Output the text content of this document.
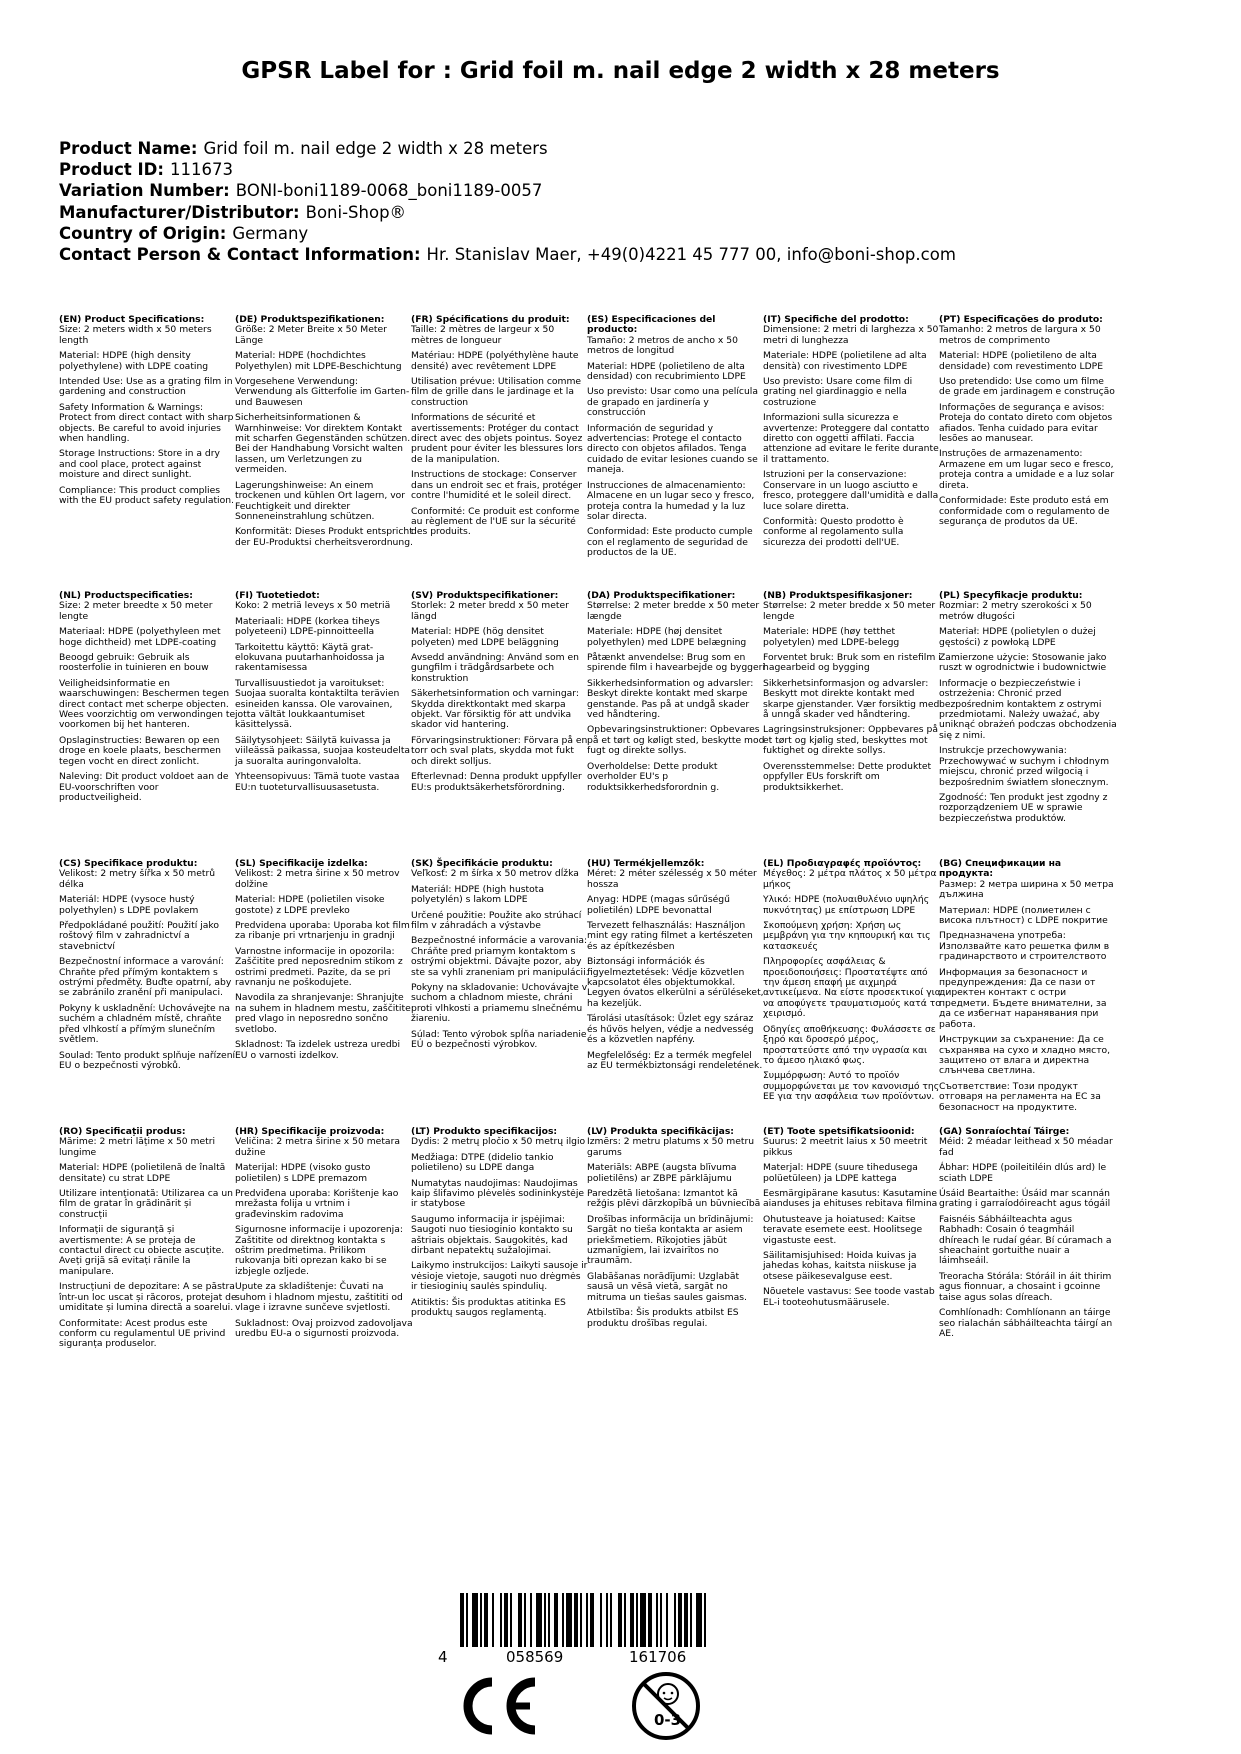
GPSR Label for : Grid foil m. nail edge 2 width x 28 meters
Product Name: Grid foil m. nail edge 2 width x 28 meters
Product ID: 111673
Variation Number: BONI-boni1189-0068_boni1189-0057
Manufacturer/Distributor: Boni-Shop®
Country of Origin: Germany
Contact Person & Contact Information: Hr. Stanislav Maer, +49(0)4221 45 777 00, info@boni-shop.com
(EN) Product Specifications:

Size: 2 meters width x 50 meters length

Material: HDPE (high density polyethylene) with LDPE coating

Intended Use: Use as a grating film in gardening and construction

Safety Information & Warnings: Protect from direct contact with sharp objects. Be careful to avoid injuries when handling.

Storage Instructions: Store in a dry and cool place, protect against moisture and direct sunlight.

Compliance: This product complies with the EU product safety regulation.

(DE) Produktspezifikationen:

Größe: 2 Meter Breite x 50 Meter Länge

Material: HDPE (hochdichtes Polyethylen) mit LDPE-Beschichtung

Vorgesehene Verwendung: Verwendung als Gitterfolie im Garten- und Bauwesen

Sicherheitsinformationen & Warnhinweise: Vor direktem Kontakt mit scharfen Gegenständen schützen. Bei der Handhabung Vorsicht walten lassen, um Verletzungen zu vermeiden.

Lagerungshinweise: An einem trockenen und kühlen Ort lagern, vor Feuchtigkeit und direkter Sonneneinstrahlung schützen.

Konformität: Dieses Produkt entspricht der EU-Produktsi cherheitsverordnung.

(FR) Spécifications du produit:

Taille: 2 mètres de largeur x 50 mètres de longueur

Matériau: HDPE (polyéthylène haute densité) avec revêtement LDPE

Utilisation prévue: Utilisation comme film de grille dans le jardinage et la construction

Informations de sécurité et avertissements: Protéger du contact direct avec des objets pointus. Soyez prudent pour éviter les blessures lors de la manipulation.

Instructions de stockage: Conserver dans un endroit sec et frais, protéger contre l'humidité et le soleil direct.

Conformité: Ce produit est conforme au règlement de l'UE sur la sécurité des produits.

(ES) Especificaciones del producto:

Tamaño: 2 metros de ancho x 50 metros de longitud

Material: HDPE (polietileno de alta densidad) con recubrimiento LDPE

Uso previsto: Usar como una película de grapado en jardinería y construcción

Información de seguridad y advertencias: Protege el contacto directo con objetos afilados. Tenga cuidado de evitar lesiones cuando se maneja.

Instrucciones de almacenamiento: Almacene en un lugar seco y fresco, proteja contra la humedad y la luz solar directa.

Conformidad: Este producto cumple con el reglamento de seguridad de productos de la UE.

(IT) Specifiche del prodotto:

Dimensione: 2 metri di larghezza x 50 metri di lunghezza

Materiale: HDPE (polietilene ad alta densità) con rivestimento LDPE

Uso previsto: Usare come film di grating nel giardinaggio e nella costruzione

Informazioni sulla sicurezza e avvertenze: Proteggere dal contatto diretto con oggetti affilati. Faccia attenzione ad evitare le ferite durante il trattamento.

Istruzioni per la conservazione: Conservare in un luogo asciutto e fresco, proteggere dall'umidità e dalla luce solare diretta.

Conformità: Questo prodotto è conforme al regolamento sulla sicurezza dei prodotti dell'UE.

(PT) Especificações do produto:

Tamanho: 2 metros de largura x 50 metros de comprimento

Material: HDPE (polietileno de alta densidade) com revestimento LDPE

Uso pretendido: Use como um filme de grade em jardinagem e construção

Informações de segurança e avisos: Proteja do contato direto com objetos afiados. Tenha cuidado para evitar lesões ao manusear.

Instruções de armazenamento: Armazene em um lugar seco e fresco, proteja contra a umidade e a luz solar direta.

Conformidade: Este produto está em conformidade com o regulamento de segurança de produtos da UE.

(NL) Productspecificaties:

Size: 2 meter breedte x 50 meter lengte

Materiaal: HDPE (polyethyleen met hoge dichtheid) met LDPE-coating

Beoogd gebruik: Gebruik als roosterfolie in tuinieren en bouw

Veiligheidsinformatie en waarschuwingen: Beschermen tegen direct contact met scherpe objecten. Wees voorzichtig om verwondingen te voorkomen bij het hanteren.

Opslaginstructies: Bewaren op een droge en koele plaats, beschermen tegen vocht en direct zonlicht.

Naleving: Dit product voldoet aan de EU-voorschriften voor productveiligheid.

(FI) Tuotetiedot:

Koko: 2 metriä leveys x 50 metriä

Materiaali: HDPE (korkea tiheys polyeteeni) LDPE-pinnoitteella

Tarkoitettu käyttö: Käytä grat-elokuvana puutarhanhoidossa ja rakentamisessa

Turvallisuustiedot ja varoitukset: Suojaa suoralta kontaktilta terävien esineiden kanssa. Ole varovainen, jotta vältät loukkaantumiset käsittelyssä.

Säilytysohjeet: Säilytä kuivassa ja viileässä paikassa, suojaa kosteudelta ja suoralta auringonvalolta.

Yhteensopivuus: Tämä tuote vastaa EU:n tuoteturvallisuusasetusta.

(SV) Produktspecifikationer:

Storlek: 2 meter bredd x 50 meter längd

Material: HDPE (hög densitet polyeten) med LDPE beläggning

Avsedd användning: Använd som en gungfilm i trädgårdsarbete och konstruktion

Säkerhetsinformation och varningar: Skydda direktkontakt med skarpa objekt. Var försiktig för att undvika skador vid hantering.

Förvaringsinstruktioner: Förvara på en torr och sval plats, skydda mot fukt och direkt solljus.

Efterlevnad: Denna produkt uppfyller EU:s produktsäkerhetsförordning.

(DA) Produktspecifikationer:

Størrelse: 2 meter bredde x 50 meter længde

Materiale: HDPE (høj densitet polyethylen) med LDPE belægning

Påtænkt anvendelse: Brug som en spirende film i havearbejde og byggeri

Sikkerhedsinformation og advarsler: Beskyt direkte kontakt med skarpe genstande. Pas på at undgå skader ved håndtering.

Opbevaringsinstruktioner: Opbevares på et tørt og køligt sted, beskytte mod fugt og direkte sollys.

Overholdelse: Dette produkt overholder EU's p roduktsikkerhedsforordnin g.

(NB) Produktspesifikasjoner:

Størrelse: 2 meter bredde x 50 meter lengde

Materiale: HDPE (høy tetthet polyetylen) med LDPE-belegg

Forventet bruk: Bruk som en ristefilm i hagearbeid og bygging

Sikkerhetsinformasjon og advarsler: Beskytt mot direkte kontakt med skarpe gjenstander. Vær forsiktig med å unngå skader ved håndtering.

Lagringsinstruksjoner: Oppbevares på et tørt og kjølig sted, beskyttes mot fuktighet og direkte sollys.

Overensstemmelse: Dette produktet oppfyller EUs forskrift om produktsikkerhet.

(PL) Specyfikacje produktu:

Rozmiar: 2 metry szerokości x 50 metrów długości

Materiał: HDPE (polietylen o dużej gęstości) z powłoką LDPE

Zamierzone użycie: Stosowanie jako ruszt w ogrodnictwie i budownictwie

Informacje o bezpieczeństwie i ostrzeżenia: Chronić przed bezpośrednim kontaktem z ostrymi przedmiotami. Należy uważać, aby uniknąć obrażeń podczas obchodzenia się z nimi.

Instrukcje przechowywania: Przechowywać w suchym i chłodnym miejscu, chronić przed wilgocią i bezpośrednim światłem słonecznym.

Zgodność: Ten produkt jest zgodny z rozporządzeniem UE w sprawie bezpieczeństwa produktów.

(CS) Specifikace produktu:

Velikost: 2 metry šířka x 50 metrů délka

Materiál: HDPE (vysoce hustý polyethylen) s LDPE povlakem

Předpokládané použití: Použití jako roštový film v zahradnictví a stavebnictví

Bezpečnostní informace a varování: Chraňte před přímým kontaktem s ostrými předměty. Buďte opatrní, aby se zabránilo zranění při manipulaci.

Pokyny k uskladnění: Uchovávejte na suchém a chladném místě, chraňte před vlhkostí a přímým slunečním světlem.

Soulad: Tento produkt splňuje nařízení EU o bezpečnosti výrobků.

(SL) Specifikacije izdelka:

Velikost: 2 metra širine x 50 metrov dolžine

Material: HDPE (polietilen visoke gostote) z LDPE prevleko

Predvidena uporaba: Uporaba kot film za ribanje pri vrtnarjenju in gradnji

Varnostne informacije in opozorila: Zaščitite pred neposrednim stikom z ostrimi predmeti. Pazite, da se pri ravnanju ne poškodujete.

Navodila za shranjevanje: Shranjujte na suhem in hladnem mestu, zaščitite pred vlago in neposredno sončno svetlobo.

Skladnost: Ta izdelek ustreza uredbi EU o varnosti izdelkov.

(SK) Špecifikácie produktu:

Veľkosť: 2 m šírka x 50 metrov dĺžka

Materiál: HDPE (high hustota polyetylén) s lakom LDPE

Určené použitie: Použite ako strúhací film v záhradách a výstavbe

Bezpečnostné informácie a varovania: Chráňte pred priamym kontaktom s ostrými objektmi. Dávajte pozor, aby ste sa vyhli zraneniam pri manipulácii.

Pokyny na skladovanie: Uchovávajte v suchom a chladnom mieste, chráni proti vlhkosti a priamemu slnečnému žiareniu.

Súlad: Tento výrobok spĺňa nariadenie EÚ o bezpečnosti výrobkov.

(HU) Termékjellemzők:

Méret: 2 méter szélesség x 50 méter hossza

Anyag: HDPE (magas sűrűségű polietilén) LDPE bevonattal

Tervezett felhasználás: Használjon mint egy rating filmet a kertészeten és az építkezésben

Biztonsági információk és figyelmeztetések: Védje közvetlen kapcsolatot éles objektumokkal. Legyen óvatos elkerülni a sérüléseket, ha kezeljük.

Tárolási utasítások: Üzlet egy száraz és hűvös helyen, védje a nedvesség és a közvetlen napfény.

Megfelelőség: Ez a termék megfelel az EU termékbiztonsági rendeletének.

(EL) Προδιαγραφές προϊόντος:

Μέγεθος: 2 μέτρα πλάτος x 50 μέτρα μήκος

Υλικό: HDPE (πολυαιθυλένιο υψηλής πυκνότητας) με επίστρωση LDPE

Σκοπούμενη χρήση: Χρήση ως μεμβράνη για την κηπουρική και τις κατασκευές

Πληροφορίες ασφάλειας & προειδοποιήσεις: Προστατέψτε από την άμεση επαφή με αιχμηρά αντικείμενα. Να είστε προσεκτικοί για να αποφύγετε τραυματισμούς κατά το χειρισμό.

Οδηγίες αποθήκευσης: Φυλάσσετε σε ξηρό και δροσερό μέρος, προστατεύστε από την υγρασία και το άμεσο ηλιακό φως.

Συμμόρφωση: Αυτό το προϊόν συμμορφώνεται με τον κανονισμό της ΕΕ για την ασφάλεια των προϊόντων.

(BG) Спецификации на продукта:

Размер: 2 метра ширина x 50 метра дължина

Материал: HDPE (полиетилен с висока плътност) с LDPE покритие

Предназначена употреба: Използвайте като решетка филм в градинарството и строителството

Информация за безопасност и предупреждения: Да се пази от директен контакт с остри предмети. Бъдете внимателни, за да се избегнат наранявания при работа.

Инструкции за съхранение: Да се съхранява на сухо и хладно място, защитено от влага и директна слънчева светлина.

Съответствие: Този продукт отговаря на регламента на ЕС за безопасност на продуктите.

(RO) Specificații produs:

Mărime: 2 metri lățime x 50 metri lungime

Material: HDPE (polietilenă de înaltă densitate) cu strat LDPE

Utilizare intenționată: Utilizarea ca un film de gratar în grădinărit și construcții

Informații de siguranță și avertismente: A se proteja de contactul direct cu obiecte ascuțite. Aveți grijă să evitați rănile la manipulare.

Instrucțiuni de depozitare: A se păstra într-un loc uscat și răcoros, protejat de umiditate și lumina directă a soarelui.

Conformitate: Acest produs este conform cu regulamentul UE privind siguranța produselor.

(HR) Specifikacije proizvoda:

Veličina: 2 metra širine x 50 metara dužine

Materijal: HDPE (visoko gusto polietilen) s LDPE premazom

Predviđena uporaba: Korištenje kao mrežasta folija u vrtnim i građevinskim radovima

Sigurnosne informacije i upozorenja: Zaštitite od direktnog kontakta s oštrim predmetima. Prilikom rukovanja biti oprezan kako bi se izbjegle ozljede.

Upute za skladištenje: Čuvati na suhom i hladnom mjestu, zaštititi od vlage i izravne sunčeve svjetlosti.

Sukladnost: Ovaj proizvod zadovoljava uredbu EU-a o sigurnosti proizvoda.

(LT) Produkto specifikacijos:

Dydis: 2 metrų pločio x 50 metrų ilgio

Medžiaga: DTPE (didelio tankio polietileno) su LDPE danga

Numatytas naudojimas: Naudojimas kaip šlifavimo plėvelės sodininkystėje ir statybose

Saugumo informacija ir įspėjimai: Saugoti nuo tiesioginio kontakto su aštriais objektais. Saugokitės, kad dirbant nepatektų sužalojimai.

Laikymo instrukcijos: Laikyti sausoje ir vėsioje vietoje, saugoti nuo drėgmės ir tiesioginių saulės spindulių.

Atitiktis: Šis produktas atitinka ES produktų saugos reglamentą.

(LV) Produkta specifikācijas:

Izmērs: 2 metru platums x 50 metru garums

Materiāls: ABPE (augsta blīvuma polietilēns) ar ZBPE pārklājumu

Paredzētā lietošana: Izmantot kā režģis plēvi dārzkopībā un būvniecībā

Drošības informācija un brīdinājumi: Sargāt no tieša kontakta ar asiem priekšmetiem. Rīkojoties jābūt uzmanīgiem, lai izvairītos no traumām.

Glabāšanas norādījumi: Uzglabāt sausā un vēsā vietā, sargāt no mitruma un tiešas saules gaismas.

Atbilstība: Šis produkts atbilst ES produktu drošības regulai.

(ET) Toote spetsifikatsioonid:

Suurus: 2 meetrit laius x 50 meetrit pikkus

Materjal: HDPE (suure tihedusega polüetüleen) ja LDPE kattega

Eesmärgipärane kasutus: Kasutamine aianduses ja ehituses rebitava filmina

Ohutusteave ja hoiatused: Kaitse teravate esemete eest. Hoolitsege vigastuste eest.

Säilitamisjuhised: Hoida kuivas ja jahedas kohas, kaitsta niiskuse ja otsese päikesevalguse eest.

Nõuetele vastavus: See toode vastab EL-i tooteohutusmäärusele.

(GA) Sonraíochtaí Táirge:

Méid: 2 méadar leithead x 50 méadar fad

Ábhar: HDPE (poileitiléin dlús ard) le sciath LDPE

Úsáid Beartaithe: Úsáid mar scannán grating i garraíodóireacht agus tógáil

Faisnéis Sábháilteachta agus Rabhadh: Cosain ó teagmháil dhíreach le rudaí géar. Bí cúramach a sheachaint gortuithe nuair a láimhseáil.

Treoracha Stórála: Stóráil in áit thirim agus fionnuar, a chosaint i gcoinne taise agus solas díreach.

Comhlíonadh: Comhlíonann an táirge seo rialachán sábháilteachta táirgí an AE.

4	058569	161706
0-3
